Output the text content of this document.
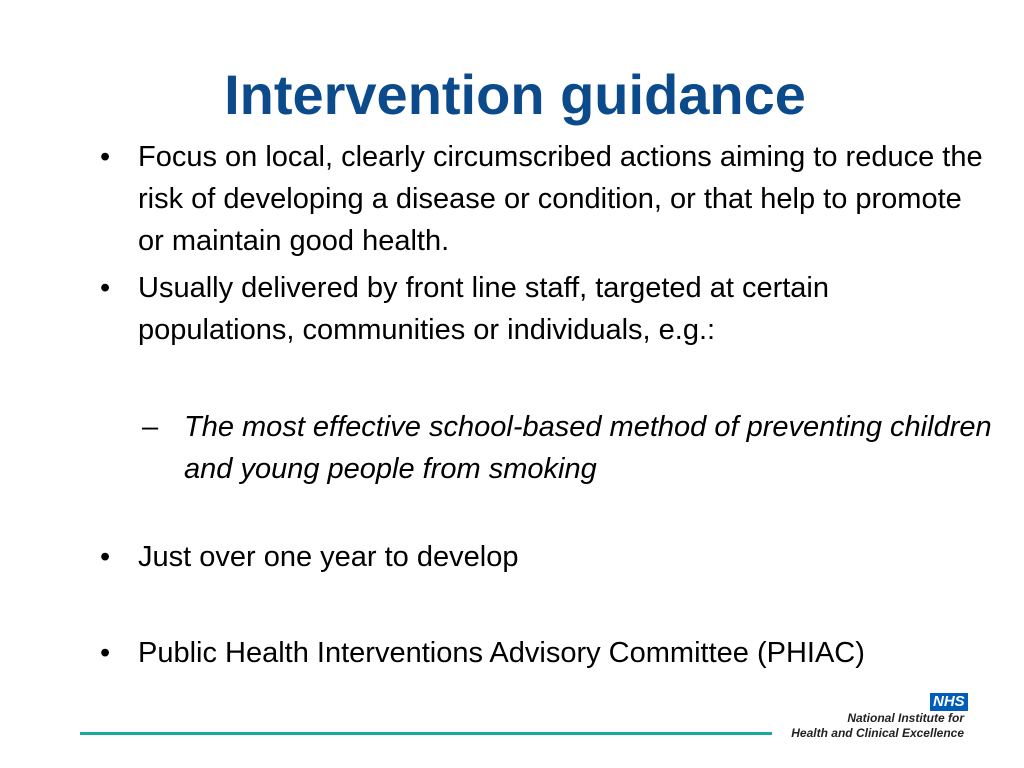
Intervention guidance
• Focus on local, clearly circumscribed actions aiming to reduce the risk of developing a disease or condition, or that help to promote or maintain good health.
• Usually delivered by front line staff, targeted at certain populations, communities or individuals, e.g.:
– The most effective school-based method of preventing children and young people from smoking
• Just over one year to develop
• Public Health Interventions Advisory Committee (PHIAC)
NHS
National Institute for
Health and Clinical Excellence
